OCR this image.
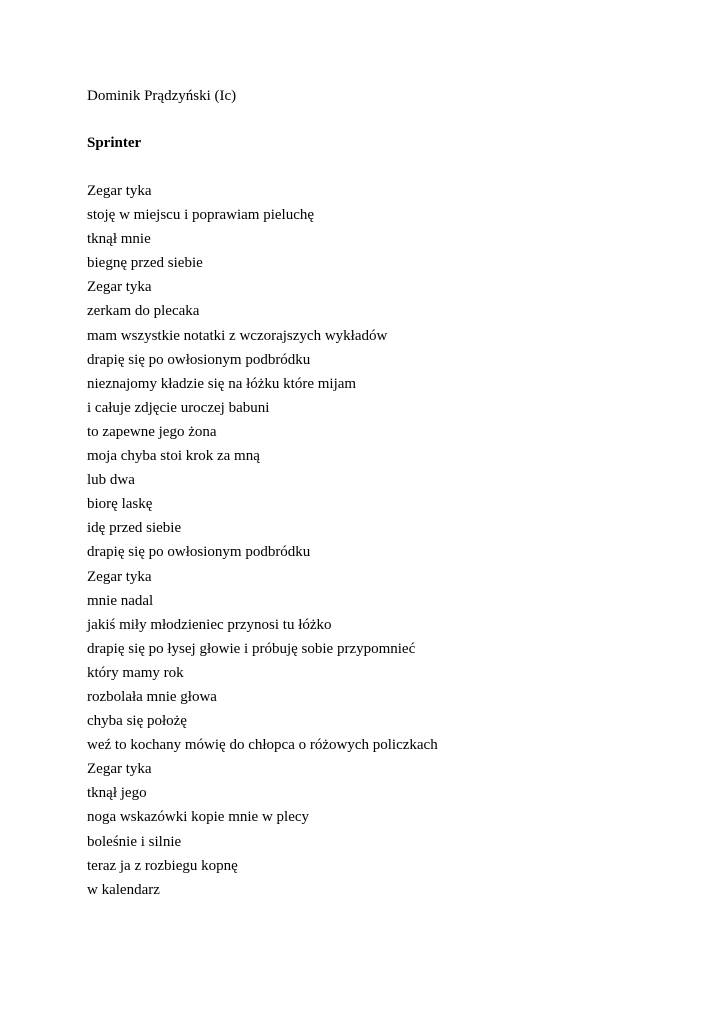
Dominik Prądzyński (Ic)

Sprinter

Zegar tyka
stoję w miejscu i poprawiam pieluchę
tknął mnie
biegnę przed siebie
Zegar tyka
zerkam do plecaka
mam wszystkie notatki z wczorajszych wykładów
drapię się po owłosionym podbródku
nieznajomy kładzie się na łóżku które mijam
i całuje zdjęcie uroczej babuni
to zapewne jego żona
moja chyba stoi krok za mną
lub dwa
biorę laskę
idę przed siebie
drapię się po owłosionym podbródku
Zegar tyka
mnie nadal
jakiś miły młodzieniec przynosi tu łóżko
drapię się po łysej głowie i próbuję sobie przypomnieć
który mamy rok
rozbolała mnie głowa
chyba się położę
weź to kochany mówię do chłopca o różowych policzkach
Zegar tyka
tknął jego
noga wskazówki kopie mnie w plecy
boleśnie i silnie
teraz ja z rozbiegu kopnę
w kalendarz
